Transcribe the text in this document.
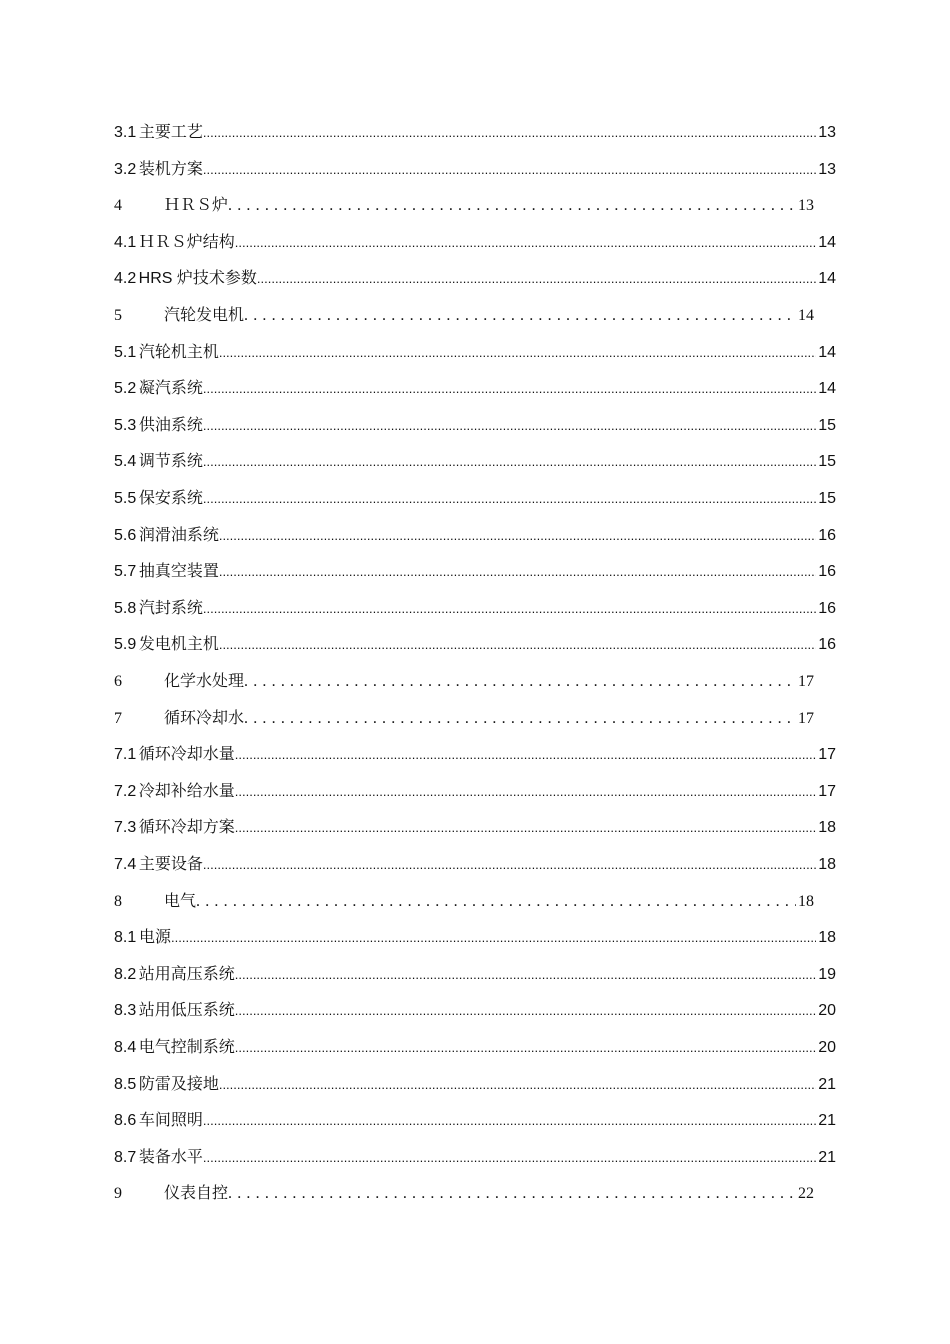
3.1 主要工艺 .....	13
3.2 装机方案 .....	13
4	ＨＲＳ炉 . . .	13
4.1 ＨＲＳ炉结构 .....	14
4.2 HRS 炉技术参数 .....	14
5	汽轮发电机 . . .	14
5.1 汽轮机主机 .....	14
5.2 凝汽系统 .....	14
5.3 供油系统 .....	15
5.4 调节系统 .....	15
5.5 保安系统 .....	15
5.6 润滑油系统 .....	16
5.7 抽真空装置 .....	16
5.8 汽封系统 .....	16
5.9 发电机主机 .....	16
6	化学水处理 . . .	17
7	循环冷却水 . . .	17
7.1 循环冷却水量 .....	17
7.2 冷却补给水量 .....	17
7.3 循环冷却方案 .....	18
7.4 主要设备 .....	18
8	电气 . . .	18
8.1 电源 .....	18
8.2 站用高压系统 .....	19
8.3 站用低压系统 .....	20
8.4 电气控制系统 .....	20
8.5 防雷及接地 .....	21
8.6 车间照明 .....	21
8.7 装备水平 .....	21
9	仪表自控 . . .	22
